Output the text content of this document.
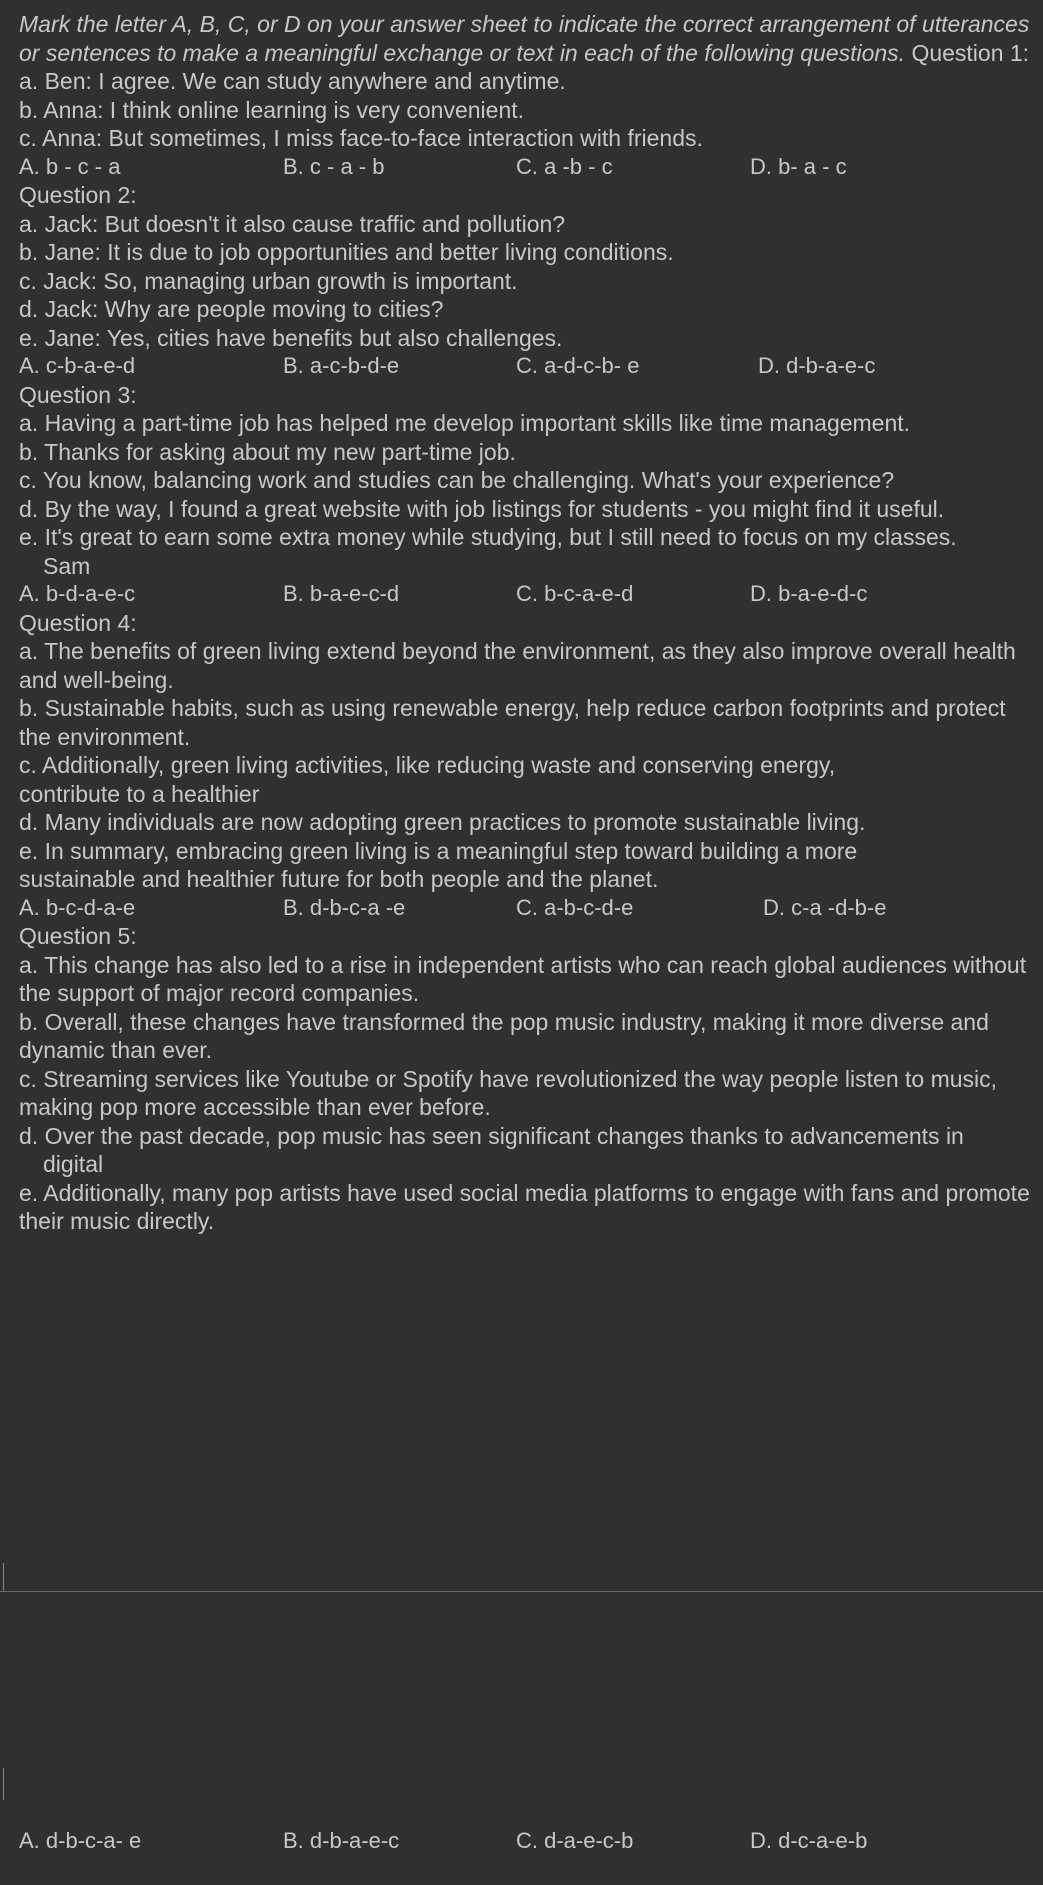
Mark the letter A, B, C, or D on your answer sheet to indicate the correct arrangement of utterances or sentences to make a meaningful exchange or text in each of the following questions. Question 1:

a. Ben: I agree. We can study anywhere and anytime.

b. Anna: I think online learning is very convenient.

c. Anna: But sometimes, I miss face-to-face interaction with friends.

A. b - c - a	B. c - a - b	C. a -b - c	D. b- a - c

Question 2:

a. Jack: But doesn't it also cause traffic and pollution?

b. Jane: It is due to job opportunities and better living conditions.

c. Jack: So, managing urban growth is important.

d. Jack: Why are people moving to cities?

e. Jane: Yes, cities have benefits but also challenges.

A. c-b-a-e-d	B. a-c-b-d-e	C. a-d-c-b- e	D. d-b-a-e-c

Question 3:

a. Having a part-time job has helped me develop important skills like time management.

b. Thanks for asking about my new part-time job.

c. You know, balancing work and studies can be challenging. What's your experience?

d. By the way, I found a great website with job listings for students - you might find it useful.

e. It's great to earn some extra money while studying, but I still need to focus on my classes.

Sam

A. b-d-a-e-c	B. b-a-e-c-d	C. b-c-a-e-d	D. b-a-e-d-c

Question 4:

a. The benefits of green living extend beyond the environment, as they also improve overall health and well-being.

b. Sustainable habits, such as using renewable energy, help reduce carbon footprints and protect the environment.

c. Additionally, green living activities, like reducing waste and conserving energy, contribute to a healthier

d. Many individuals are now adopting green practices to promote sustainable living.

e. In summary, embracing green living is a meaningful step toward building a more sustainable and healthier future for both people and the planet.

A. b-c-d-a-e	B. d-b-c-a -e	C. a-b-c-d-e	D. c-a -d-b-e

Question 5:

a. This change has also led to a rise in independent artists who can reach global audiences without the support of major record companies.

b. Overall, these changes have transformed the pop music industry, making it more diverse and dynamic than ever.

c. Streaming services like Youtube or Spotify have revolutionized the way people listen to music, making pop more accessible than ever before.

d. Over the past decade, pop music has seen significant changes thanks to advancements in

digital

e. Additionally, many pop artists have used social media platforms to engage with fans and promote their music directly.

A. d-b-c-a- e	B. d-b-a-e-c	C. d-a-e-c-b	D. d-c-a-e-b
